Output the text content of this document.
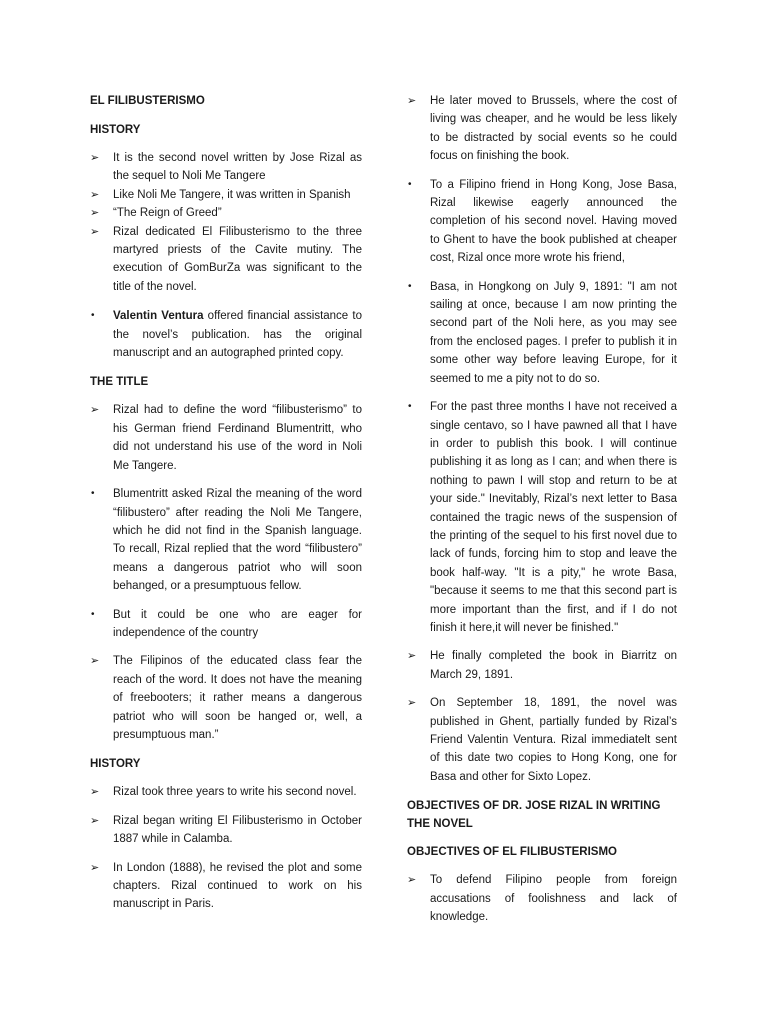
EL FILIBUSTERISMO
HISTORY
➢	It is the second novel written by Jose Rizal as the sequel to Noli Me Tangere
➢	Like Noli Me Tangere, it was written in Spanish
➢	“The Reign of Greed”
➢	Rizal dedicated El Filibusterismo to the three martyred priests of the Cavite mutiny. The execution of GomBurZa was significant to the title of the novel.
•	Valentin Ventura offered financial assistance to the novel’s publication. has the original manuscript and an autographed printed copy.
THE TITLE
➢	Rizal had to define the word “filibusterismo” to his German friend Ferdinand Blumentritt, who did not understand his use of the word in Noli Me Tangere.
•	Blumentritt asked Rizal the meaning of the word “filibustero” after reading the Noli Me Tangere, which he did not find in the Spanish language. To recall, Rizal replied that the word “filibustero” means a dangerous patriot who will soon behanged, or a presumptuous fellow.
•	But it could be one who are eager for independence of the country
➢	The Filipinos of the educated class fear the reach of the word. It does not have the meaning of freebooters; it rather means a dangerous patriot who will soon be hanged or, well, a presumptuous man.”
HISTORY
➢	Rizal took three years to write his second novel.
➢	Rizal began writing El Filibusterismo in October 1887 while in Calamba.
➢	In London (1888), he revised the plot and some chapters. Rizal continued to work on his manuscript in Paris.
➢	He later moved to Brussels, where the cost of living was cheaper, and he would be less likely to be distracted by social events so he could focus on finishing the book.
•	To a Filipino friend in Hong Kong, Jose Basa, Rizal likewise eagerly announced the completion of his second novel. Having moved to Ghent to have the book published at cheaper cost, Rizal once more wrote his friend,
•	Basa, in Hongkong on July 9, 1891: "I am not sailing at once, because I am now printing the second part of the Noli here, as you may see from the enclosed pages. I prefer to publish it in some other way before leaving Europe, for it seemed to me a pity not to do so.
•	For the past three months I have not received a single centavo, so I have pawned all that I have in order to publish this book. I will continue publishing it as long as I can; and when there is nothing to pawn I will stop and return to be at your side." Inevitably, Rizal’s next letter to Basa contained the tragic news of the suspension of the printing of the sequel to his first novel due to lack of funds, forcing him to stop and leave the book half-way. "It is a pity," he wrote Basa, "because it seems to me that this second part is more important than the first, and if I do not finish it here,it will never be finished."
➢	He finally completed the book in Biarritz on March 29, 1891.
➢	On September 18, 1891, the novel was published in Ghent, partially funded by Rizal’s Friend Valentin Ventura. Rizal immediatelt sent of this date two copies to Hong Kong, one for Basa and other for Sixto Lopez.
OBJECTIVES OF DR. JOSE RIZAL IN WRITING THE NOVEL
OBJECTIVES OF EL FILIBUSTERISMO
➢	To defend Filipino people from foreign accusations of foolishness and lack of knowledge.
